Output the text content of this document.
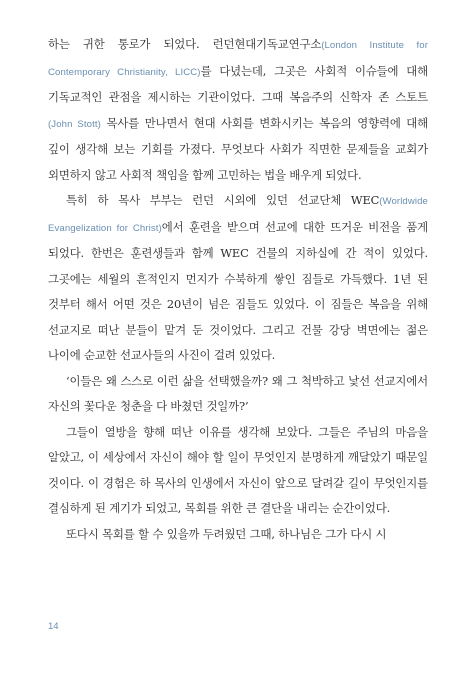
하는 귀한 통로가 되었다. 런던현대기독교연구소(London Institute for Contemporary Christianity, LICC)를 다녔는데, 그곳은 사회적 이슈들에 대해 기독교적인 관점을 제시하는 기관이었다. 그때 복음주의 신학자 존 스토트(John Stott) 목사를 만나면서 현대 사회를 변화시키는 복음의 영향력에 대해 깊이 생각해 보는 기회를 가졌다. 무엇보다 사회가 직면한 문제들을 교회가 외면하지 않고 사회적 책임을 함께 고민하는 법을 배우게 되었다.

특히 하 목사 부부는 런던 시외에 있던 선교단체 WEC(Worldwide Evangelization for Christ)에서 훈련을 받으며 선교에 대한 뜨거운 비전을 품게 되었다. 한번은 훈련생들과 함께 WEC 건물의 지하실에 간 적이 있었다. 그곳에는 세월의 흔적인지 먼지가 수북하게 쌓인 짐들로 가득했다. 1년 된 것부터 해서 어떤 것은 20년이 넘은 짐들도 있었다. 이 짐들은 복음을 위해 선교지로 떠난 분들이 맡겨 둔 것이었다. 그리고 건물 강당 벽면에는 젊은 나이에 순교한 선교사들의 사진이 걸려 있었다.

‘이들은 왜 스스로 이런 삶을 선택했을까? 왜 그 척박하고 낯선 선교지에서 자신의 꽃다운 청춘을 다 바쳤던 것일까?’

그들이 열방을 향해 떠난 이유를 생각해 보았다. 그들은 주님의 마음을 알았고, 이 세상에서 자신이 해야 할 일이 무엇인지 분명하게 깨달았기 때문일 것이다. 이 경험은 하 목사의 인생에서 자신이 앞으로 달려갈 길이 무엇인지를 결심하게 된 계기가 되었고, 목회를 위한 큰 결단을 내리는 순간이었다.

또다시 목회를 할 수 있을까 두려웠던 그때, 하나님은 그가 다시 시

14
